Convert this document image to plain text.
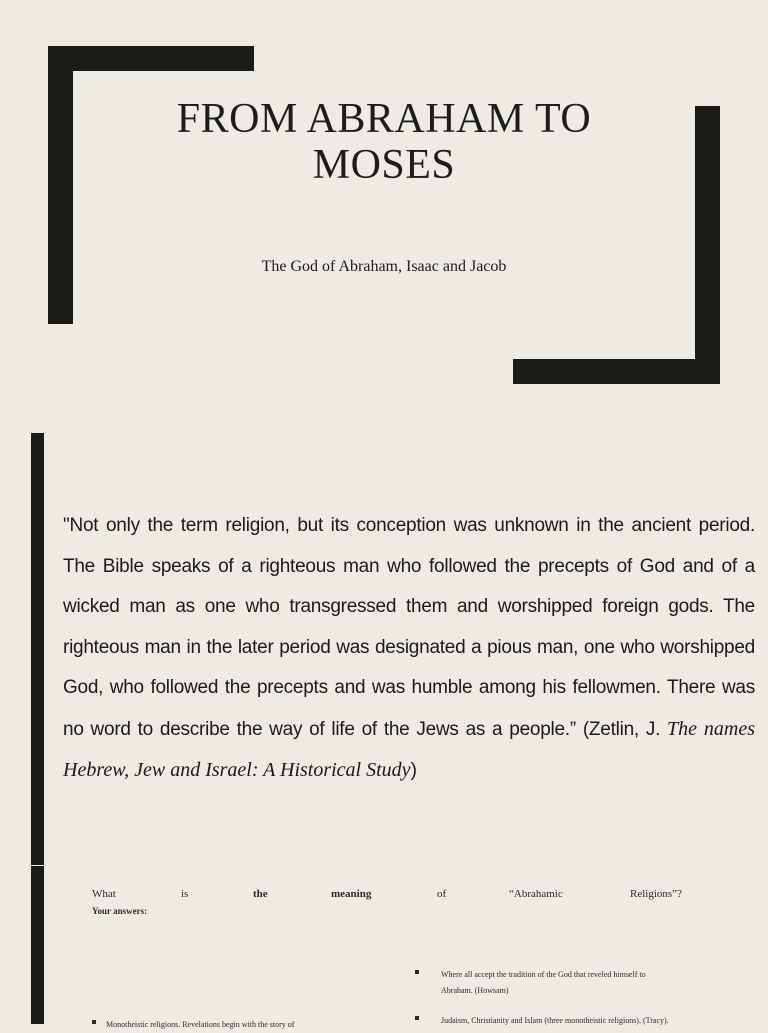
FROM ABRAHAM TO
MOSES

The God of Abraham, Isaac and Jacob

"Not only the term religion, but its conception was unknown in the ancient period. The Bible speaks of a righteous man who followed the precepts of God and of a wicked man as one who transgressed them and worshipped foreign gods. The righteous man in the later period was designated a pious man, one who worshipped God, who followed the precepts and was humble among his fellowmen. There was no word to describe the way of life of the Jews as a people.” (Zetlin, J. The names Hebrew, Jew and Israel: A Historical Study)

What	is	the	meaning	of	“Abrahamic	Religions”?
Your answers:
Where all accept the tradition of the God that reveled himself to
Abraham. (Howsam)
Judaism, Christianity and Islam (three monotheistic religions). (Tracy).
Monotheistic religions. Revelations begin with the story of
